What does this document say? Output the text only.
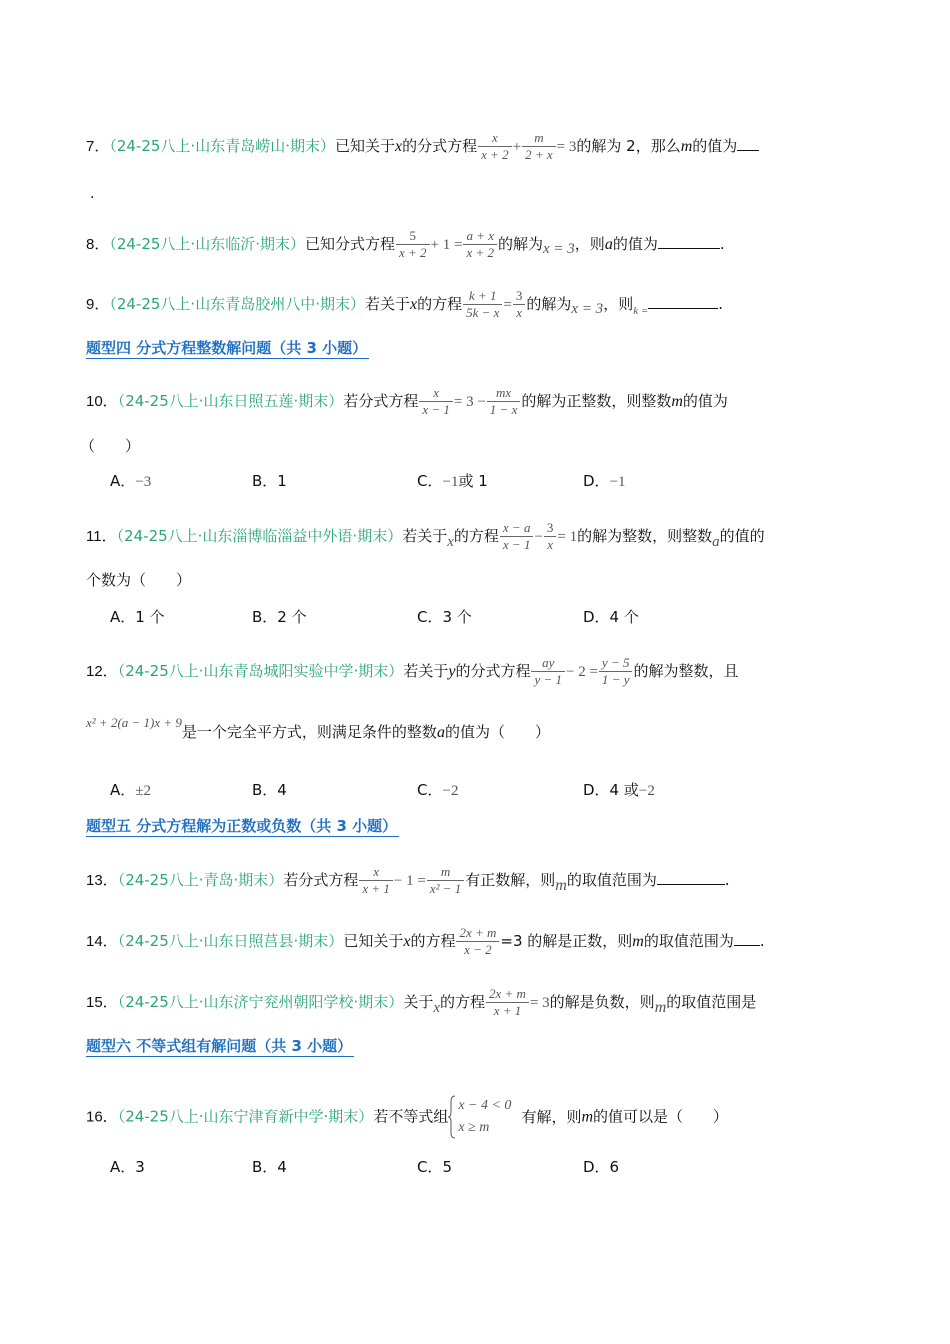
7．（24-25八上·山东青岛崂山·期末）已知关于x的分式方程 $\frac{x}{x + 2} + \frac{m}{2 + x} = 3$的解为 2，那么m的值为
.
8．（24-25八上·山东临沂·期末）已知分式方程 $\frac{5}{x + 2} + 1 = \frac{a + x}{x + 2}$ 的解为x = 3，则a的值为	.
9．（24-25八上·山东青岛胶州八中·期末）若关于x的方程 $\frac{k + 1}{5k - x} = \frac{3}{x}$ 的解为x = 3，则$_{k =}$	.
题型四 分式方程整数解问题（共 3 小题）
10．（24-25八上·山东日照五莲·期末）若分式方程 $\frac{x}{x - 1} = 3 - \frac{mx}{1 - x}$ 的解为正整数，则整数m的值为
（　　）
A．−3	B．1	C．−1或 1	D．−1
11．（24-25八上·山东淄博临淄益中外语·期末）若关于x的方程 $\frac{x - a}{x - 1} - \frac{3}{x} = 1$的解为整数，则整数a的值的
个数为（　　）
A．1 个	B．2 个	C．3 个	D．4 个
12．（24-25八上·山东青岛城阳实验中学·期末）若关于y的分式方程 $\frac{ay}{y - 1} - 2 = \frac{y - 5}{1 - y}$ 的解为整数，且
x² + 2(a − 1)x + 9是一个完全平方式，则满足条件的整数a的值为（　　）
A．±2	B．4	C．−2	D．4 或−2
题型五 分式方程解为正数或负数（共 3 小题）
13．（24-25八上·青岛·期末）若分式方程 $\frac{x}{x + 1} - 1 = \frac{m}{\text{x² − 1}}$ 有正数解，则m的取值范围为	.
14．（24-25八上·山东日照莒县·期末）已知关于x的方程 $\frac{2x + m}{x - 2} =3$ 的解是正数，则m的取值范围为 .
15．（24-25八上·山东济宁兖州朝阳学校·期末）关于x的方程 $\frac{2x + m}{x + 1} = 3$的解是负数，则m的取值范围是
题型六 不等式组有解问题（共 3 小题）
16．（24-25八上·山东宁津育新中学·期末）若不等式组
x − 4 < 0
x ≥ m
有解，则m的值可以是（　　）
A．3	B．4	C．5	D．6
